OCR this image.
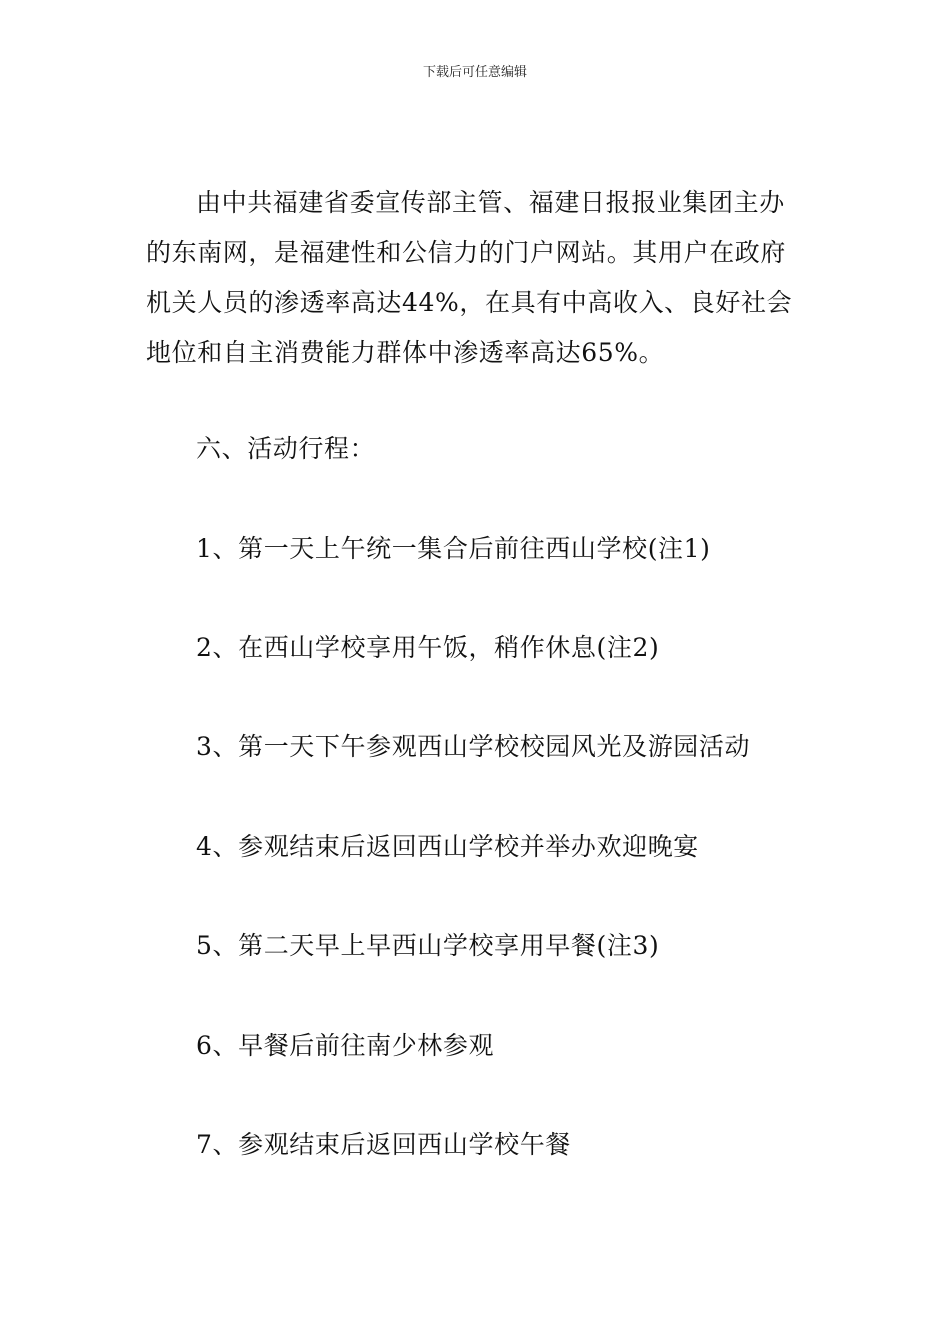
下载后可任意编辑

由中共福建省委宣传部主管、福建日报报业集团主办的东南网，是福建性和公信力的门户网站。其用户在政府机关人员的渗透率高达44%，在具有中高收入、良好社会地位和自主消费能力群体中渗透率高达65%。

六、活动行程：

1、第一天上午统一集合后前往西山学校(注1)

2、在西山学校享用午饭，稍作休息(注2)

3、第一天下午参观西山学校校园风光及游园活动

4、参观结束后返回西山学校并举办欢迎晚宴

5、第二天早上早西山学校享用早餐(注3)

6、早餐后前往南少林参观

7、参观结束后返回西山学校午餐
